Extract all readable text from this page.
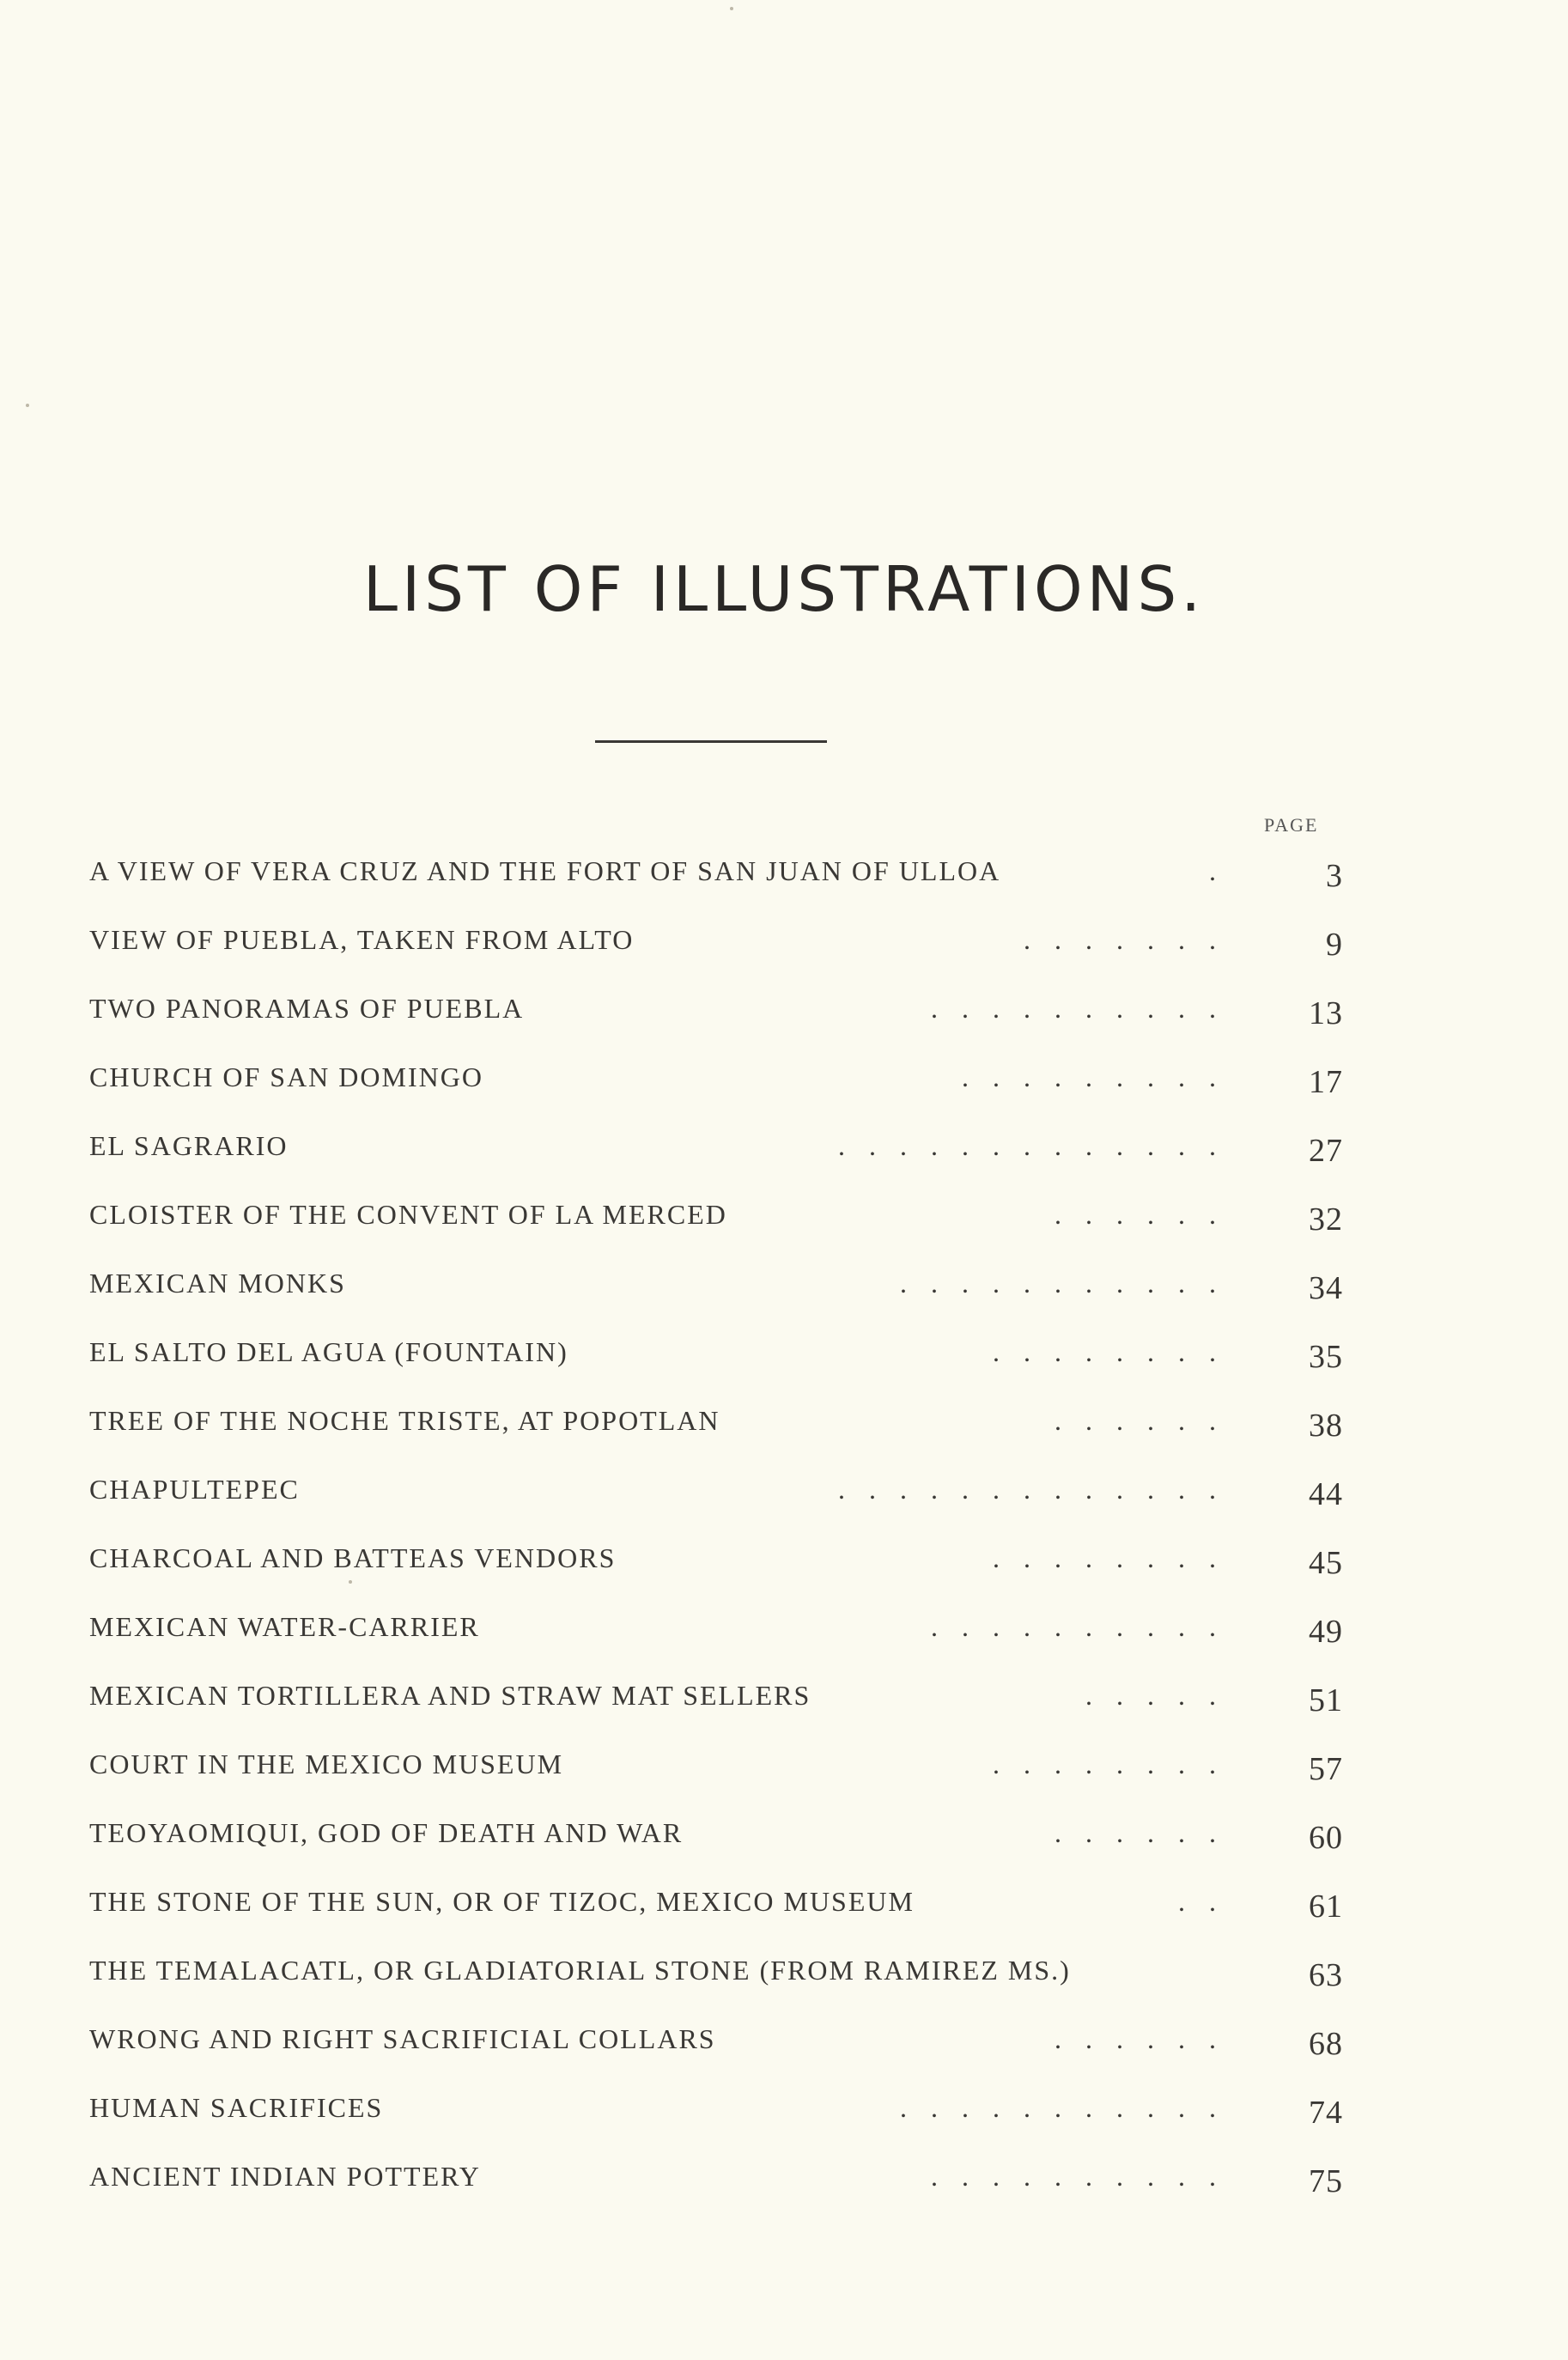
LIST OF ILLUSTRATIONS.
PAGE
A VIEW OF VERA CRUZ AND THE FORT OF SAN JUAN OF ULLOA	.	3
VIEW OF PUEBLA, TAKEN FROM ALTO	.......	9
TWO PANORAMAS OF PUEBLA	..........	13
CHURCH OF SAN DOMINGO	.........	17
EL SAGRARIO	.............	27
CLOISTER OF THE CONVENT OF LA MERCED	......	32
MEXICAN MONKS	...........	34
EL SALTO DEL AGUA (FOUNTAIN)	........	35
TREE OF THE NOCHE TRISTE, AT POPOTLAN	......	38
CHAPULTEPEC	.............	44
CHARCOAL AND BATTEAS VENDORS	........	45
MEXICAN WATER-CARRIER	..........	49
MEXICAN TORTILLERA AND STRAW MAT SELLERS	.....	51
COURT IN THE MEXICO MUSEUM	........	57
TEOYAOMIQUI, GOD OF DEATH AND WAR	......	60
THE STONE OF THE SUN, OR OF TIZOC, MEXICO MUSEUM	..	61
THE TEMALACATL, OR GLADIATORIAL STONE (FROM RAMIREZ MS.)	63
WRONG AND RIGHT SACRIFICIAL COLLARS	......	68
HUMAN SACRIFICES	...........	74
ANCIENT INDIAN POTTERY	..........	75
